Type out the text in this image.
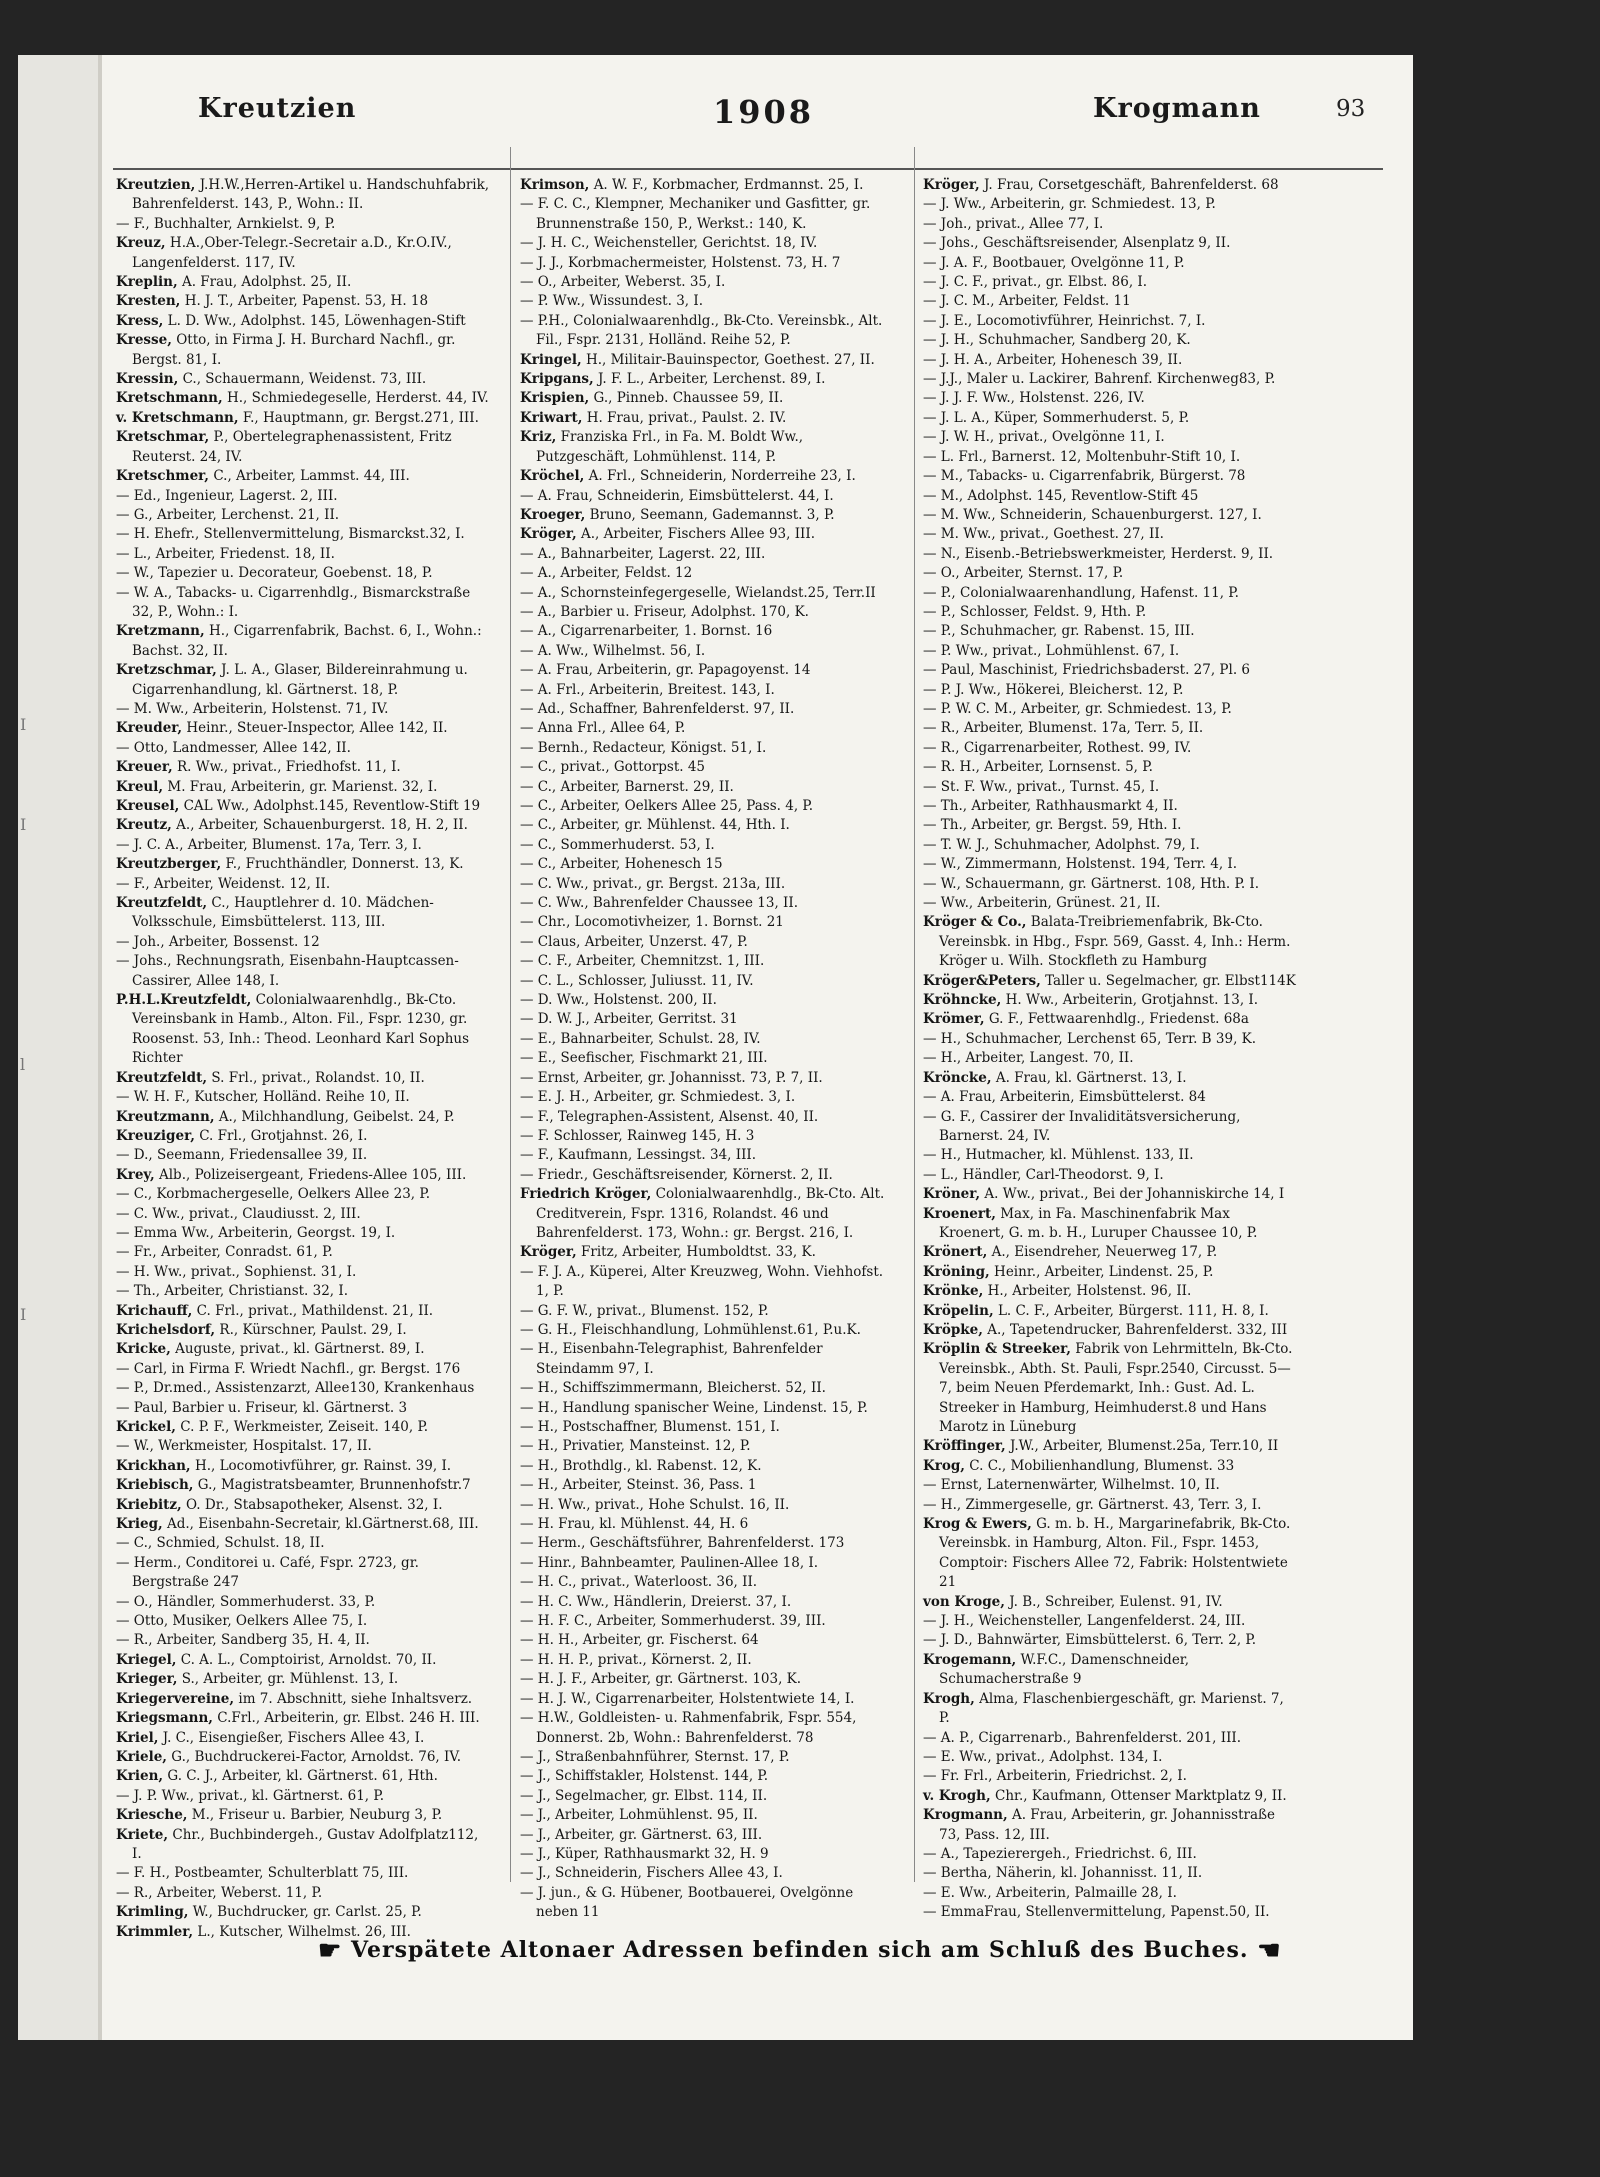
I
I
l
I
Kreutzien	1908	Krogmann	93
Kreutzien, J.H.W.,Herren-Artikel u. Handschuhfabrik, Bahrenfelderst. 143, P., Wohn.: II.
— F., Buchhalter, Arnkielst. 9, P.
Kreuz, H.A.,Ober-Telegr.-Secretair a.D., Kr.O.IV., Langenfelderst. 117, IV.
Kreplin, A. Frau, Adolphst. 25, II.
Kresten, H. J. T., Arbeiter, Papenst. 53, H. 18
Kress, L. D. Ww., Adolphst. 145, Löwenhagen-Stift
Kresse, Otto, in Firma J. H. Burchard Nachfl., gr. Bergst. 81, I.
Kressin, C., Schauermann, Weidenst. 73, III.
Kretschmann, H., Schmiedegeselle, Herderst. 44, IV.
v. Kretschmann, F., Hauptmann, gr. Bergst.271, III.
Kretschmar, P., Obertelegraphenassistent, Fritz Reuterst. 24, IV.
Kretschmer, C., Arbeiter, Lammst. 44, III.
— Ed., Ingenieur, Lagerst. 2, III.
— G., Arbeiter, Lerchenst. 21, II.
— H. Ehefr., Stellenvermittelung, Bismarckst.32, I.
— L., Arbeiter, Friedenst. 18, II.
— W., Tapezier u. Decorateur, Goebenst. 18, P.
— W. A., Tabacks- u. Cigarrenhdlg., Bismarckstraße 32, P., Wohn.: I.
Kretzmann, H., Cigarrenfabrik, Bachst. 6, I., Wohn.: Bachst. 32, II.
Kretzschmar, J. L. A., Glaser, Bildereinrahmung u. Cigarrenhandlung, kl. Gärtnerst. 18, P.
— M. Ww., Arbeiterin, Holstenst. 71, IV.
Kreuder, Heinr., Steuer-Inspector, Allee 142, II.
— Otto, Landmesser, Allee 142, II.
Kreuer, R. Ww., privat., Friedhofst. 11, I.
Kreul, M. Frau, Arbeiterin, gr. Marienst. 32, I.
Kreusel, CAL Ww., Adolphst.145, Reventlow-Stift 19
Kreutz, A., Arbeiter, Schauenburgerst. 18, H. 2, II.
— J. C. A., Arbeiter, Blumenst. 17a, Terr. 3, I.
Kreutzberger, F., Fruchthändler, Donnerst. 13, K.
— F., Arbeiter, Weidenst. 12, II.
Kreutzfeldt, C., Hauptlehrer d. 10. Mädchen-Volksschule, Eimsbüttelerst. 113, III.
— Joh., Arbeiter, Bossenst. 12
— Johs., Rechnungsrath, Eisenbahn-Hauptcassen-Cassirer, Allee 148, I.
P.H.L.Kreutzfeldt, Colonialwaarenhdlg., Bk-Cto. Vereinsbank in Hamb., Alton. Fil., Fspr. 1230, gr. Roosenst. 53, Inh.: Theod. Leonhard Karl Sophus Richter
Kreutzfeldt, S. Frl., privat., Rolandst. 10, II.
— W. H. F., Kutscher, Holländ. Reihe 10, II.
Kreutzmann, A., Milchhandlung, Geibelst. 24, P.
Kreuziger, C. Frl., Grotjahnst. 26, I.
— D., Seemann, Friedensallee 39, II.
Krey, Alb., Polizeisergeant, Friedens-Allee 105, III.
— C., Korbmachergeselle, Oelkers Allee 23, P.
— C. Ww., privat., Claudiusst. 2, III.
— Emma Ww., Arbeiterin, Georgst. 19, I.
— Fr., Arbeiter, Conradst. 61, P.
— H. Ww., privat., Sophienst. 31, I.
— Th., Arbeiter, Christianst. 32, I.
Krichauff, C. Frl., privat., Mathildenst. 21, II.
Krichelsdorf, R., Kürschner, Paulst. 29, I.
Kricke, Auguste, privat., kl. Gärtnerst. 89, I.
— Carl, in Firma F. Wriedt Nachfl., gr. Bergst. 176
— P., Dr.med., Assistenzarzt, Allee130, Krankenhaus
— Paul, Barbier u. Friseur, kl. Gärtnerst. 3
Krickel, C. P. F., Werkmeister, Zeiseit. 140, P.
— W., Werkmeister, Hospitalst. 17, II.
Krickhan, H., Locomotivführer, gr. Rainst. 39, I.
Kriebisch, G., Magistratsbeamter, Brunnenhofstr.7
Kriebitz, O. Dr., Stabsapotheker, Alsenst. 32, I.
Krieg, Ad., Eisenbahn-Secretair, kl.Gärtnerst.68, III.
— C., Schmied, Schulst. 18, II.
— Herm., Conditorei u. Café, Fspr. 2723, gr. Bergstraße 247
— O., Händler, Sommerhuderst. 33, P.
— Otto, Musiker, Oelkers Allee 75, I.
— R., Arbeiter, Sandberg 35, H. 4, II.
Kriegel, C. A. L., Comptoirist, Arnoldst. 70, II.
Krieger, S., Arbeiter, gr. Mühlenst. 13, I.
Kriegervereine, im 7. Abschnitt, siehe Inhaltsverz.
Kriegsmann, C.Frl., Arbeiterin, gr. Elbst. 246 H. III.
Kriel, J. C., Eisengießer, Fischers Allee 43, I.
Kriele, G., Buchdruckerei-Factor, Arnoldst. 76, IV.
Krien, G. C. J., Arbeiter, kl. Gärtnerst. 61, Hth.
— J. P. Ww., privat., kl. Gärtnerst. 61, P.
Kriesche, M., Friseur u. Barbier, Neuburg 3, P.
Kriete, Chr., Buchbindergeh., Gustav Adolfplatz112, I.
— F. H., Postbeamter, Schulterblatt 75, III.
— R., Arbeiter, Weberst. 11, P.
Krimling, W., Buchdrucker, gr. Carlst. 25, P.
Krimmler, L., Kutscher, Wilhelmst. 26, III.
Krimson, A. W. F., Korbmacher, Erdmannst. 25, I.
— F. C. C., Klempner, Mechaniker und Gasfitter, gr. Brunnenstraße 150, P., Werkst.: 140, K.
— J. H. C., Weichensteller, Gerichtst. 18, IV.
— J. J., Korbmachermeister, Holstenst. 73, H. 7
— O., Arbeiter, Weberst. 35, I.
— P. Ww., Wissundest. 3, I.
— P.H., Colonialwaarenhdlg., Bk-Cto. Vereinsbk., Alt. Fil., Fspr. 2131, Holländ. Reihe 52, P.
Kringel, H., Militair-Bauinspector, Goethest. 27, II.
Kripgans, J. F. L., Arbeiter, Lerchenst. 89, I.
Krispien, G., Pinneb. Chaussee 59, II.
Kriwart, H. Frau, privat., Paulst. 2. IV.
Kriz, Franziska Frl., in Fa. M. Boldt Ww., Putzgeschäft, Lohmühlenst. 114, P.
Kröchel, A. Frl., Schneiderin, Norderreihe 23, I.
— A. Frau, Schneiderin, Eimsbüttelerst. 44, I.
Kroeger, Bruno, Seemann, Gademannst. 3, P.
Kröger, A., Arbeiter, Fischers Allee 93, III.
— A., Bahnarbeiter, Lagerst. 22, III.
— A., Arbeiter, Feldst. 12
— A., Schornsteinfegergeselle, Wielandst.25, Terr.II
— A., Barbier u. Friseur, Adolphst. 170, K.
— A., Cigarrenarbeiter, 1. Bornst. 16
— A. Ww., Wilhelmst. 56, I.
— A. Frau, Arbeiterin, gr. Papagoyenst. 14
— A. Frl., Arbeiterin, Breitest. 143, I.
— Ad., Schaffner, Bahrenfelderst. 97, II.
— Anna Frl., Allee 64, P.
— Bernh., Redacteur, Königst. 51, I.
— C., privat., Gottorpst. 45
— C., Arbeiter, Barnerst. 29, II.
— C., Arbeiter, Oelkers Allee 25, Pass. 4, P.
— C., Arbeiter, gr. Mühlenst. 44, Hth. I.
— C., Sommerhuderst. 53, I.
— C., Arbeiter, Hohenesch 15
— C. Ww., privat., gr. Bergst. 213a, III.
— C. Ww., Bahrenfelder Chaussee 13, II.
— Chr., Locomotivheizer, 1. Bornst. 21
— Claus, Arbeiter, Unzerst. 47, P.
— C. F., Arbeiter, Chemnitzst. 1, III.
— C. L., Schlosser, Juliusst. 11, IV.
— D. Ww., Holstenst. 200, II.
— D. W. J., Arbeiter, Gerritst. 31
— E., Bahnarbeiter, Schulst. 28, IV.
— E., Seefischer, Fischmarkt 21, III.
— Ernst, Arbeiter, gr. Johannisst. 73, P. 7, II.
— E. J. H., Arbeiter, gr. Schmiedest. 3, I.
— F., Telegraphen-Assistent, Alsenst. 40, II.
— F. Schlosser, Rainweg 145, H. 3
— F., Kaufmann, Lessingst. 34, III.
— Friedr., Geschäftsreisender, Körnerst. 2, II.
Friedrich Kröger, Colonialwaarenhdlg., Bk-Cto. Alt. Creditverein, Fspr. 1316, Rolandst. 46 und Bahrenfelderst. 173, Wohn.: gr. Bergst. 216, I.
Kröger, Fritz, Arbeiter, Humboldtst. 33, K.
— F. J. A., Küperei, Alter Kreuzweg, Wohn. Viehhofst. 1, P.
— G. F. W., privat., Blumenst. 152, P.
— G. H., Fleischhandlung, Lohmühlenst.61, P.u.K.
— H., Eisenbahn-Telegraphist, Bahrenfelder Steindamm 97, I.
— H., Schiffszimmermann, Bleicherst. 52, II.
— H., Handlung spanischer Weine, Lindenst. 15, P.
— H., Postschaffner, Blumenst. 151, I.
— H., Privatier, Mansteinst. 12, P.
— H., Brothdlg., kl. Rabenst. 12, K.
— H., Arbeiter, Steinst. 36, Pass. 1
— H. Ww., privat., Hohe Schulst. 16, II.
— H. Frau, kl. Mühlenst. 44, H. 6
— Herm., Geschäftsführer, Bahrenfelderst. 173
— Hinr., Bahnbeamter, Paulinen-Allee 18, I.
— H. C., privat., Waterloost. 36, II.
— H. C. Ww., Händlerin, Dreierst. 37, I.
— H. F. C., Arbeiter, Sommerhuderst. 39, III.
— H. H., Arbeiter, gr. Fischerst. 64
— H. H. P., privat., Körnerst. 2, II.
— H. J. F., Arbeiter, gr. Gärtnerst. 103, K.
— H. J. W., Cigarrenarbeiter, Holstentwiete 14, I.
— H.W., Goldleisten- u. Rahmenfabrik, Fspr. 554, Donnerst. 2b, Wohn.: Bahrenfelderst. 78
— J., Straßenbahnführer, Sternst. 17, P.
— J., Schiffstakler, Holstenst. 144, P.
— J., Segelmacher, gr. Elbst. 114, II.
— J., Arbeiter, Lohmühlenst. 95, II.
— J., Arbeiter, gr. Gärtnerst. 63, III.
— J., Küper, Rathhausmarkt 32, H. 9
— J., Schneiderin, Fischers Allee 43, I.
— J. jun., & G. Hübener, Bootbauerei, Ovelgönne neben 11
Kröger, J. Frau, Corsetgeschäft, Bahrenfelderst. 68
— J. Ww., Arbeiterin, gr. Schmiedest. 13, P.
— Joh., privat., Allee 77, I.
— Johs., Geschäftsreisender, Alsenplatz 9, II.
— J. A. F., Bootbauer, Ovelgönne 11, P.
— J. C. F., privat., gr. Elbst. 86, I.
— J. C. M., Arbeiter, Feldst. 11
— J. E., Locomotivführer, Heinrichst. 7, I.
— J. H., Schuhmacher, Sandberg 20, K.
— J. H. A., Arbeiter, Hohenesch 39, II.
— J.J., Maler u. Lackirer, Bahrenf. Kirchenweg83, P.
— J. J. F. Ww., Holstenst. 226, IV.
— J. L. A., Küper, Sommerhuderst. 5, P.
— J. W. H., privat., Ovelgönne 11, I.
— L. Frl., Barnerst. 12, Moltenbuhr-Stift 10, I.
— M., Tabacks- u. Cigarrenfabrik, Bürgerst. 78
— M., Adolphst. 145, Reventlow-Stift 45
— M. Ww., Schneiderin, Schauenburgerst. 127, I.
— M. Ww., privat., Goethest. 27, II.
— N., Eisenb.-Betriebswerkmeister, Herderst. 9, II.
— O., Arbeiter, Sternst. 17, P.
— P., Colonialwaarenhandlung, Hafenst. 11, P.
— P., Schlosser, Feldst. 9, Hth. P.
— P., Schuhmacher, gr. Rabenst. 15, III.
— P. Ww., privat., Lohmühlenst. 67, I.
— Paul, Maschinist, Friedrichsbaderst. 27, Pl. 6
— P. J. Ww., Hökerei, Bleicherst. 12, P.
— P. W. C. M., Arbeiter, gr. Schmiedest. 13, P.
— R., Arbeiter, Blumenst. 17a, Terr. 5, II.
— R., Cigarrenarbeiter, Rothest. 99, IV.
— R. H., Arbeiter, Lornsenst. 5, P.
— St. F. Ww., privat., Turnst. 45, I.
— Th., Arbeiter, Rathhausmarkt 4, II.
— Th., Arbeiter, gr. Bergst. 59, Hth. I.
— T. W. J., Schuhmacher, Adolphst. 79, I.
— W., Zimmermann, Holstenst. 194, Terr. 4, I.
— W., Schauermann, gr. Gärtnerst. 108, Hth. P. I.
— Ww., Arbeiterin, Grünest. 21, II.
Kröger & Co., Balata-Treibriemenfabrik, Bk-Cto. Vereinsbk. in Hbg., Fspr. 569, Gasst. 4, Inh.: Herm. Kröger u. Wilh. Stockfleth zu Hamburg
Kröger&Peters, Taller u. Segelmacher, gr. Elbst114K
Kröhncke, H. Ww., Arbeiterin, Grotjahnst. 13, I.
Krömer, G. F., Fettwaarenhdlg., Friedenst. 68a
— H., Schuhmacher, Lerchenst 65, Terr. B 39, K.
— H., Arbeiter, Langest. 70, II.
Kröncke, A. Frau, kl. Gärtnerst. 13, I.
— A. Frau, Arbeiterin, Eimsbüttelerst. 84
— G. F., Cassirer der Invaliditätsversicherung, Barnerst. 24, IV.
— H., Hutmacher, kl. Mühlenst. 133, II.
— L., Händler, Carl-Theodorst. 9, I.
Kröner, A. Ww., privat., Bei der Johanniskirche 14, I
Kroenert, Max, in Fa. Maschinenfabrik Max Kroenert, G. m. b. H., Luruper Chaussee 10, P.
Krönert, A., Eisendreher, Neuerweg 17, P.
Kröning, Heinr., Arbeiter, Lindenst. 25, P.
Krönke, H., Arbeiter, Holstenst. 96, II.
Kröpelin, L. C. F., Arbeiter, Bürgerst. 111, H. 8, I.
Kröpke, A., Tapetendrucker, Bahrenfelderst. 332, III
Kröplin & Streeker, Fabrik von Lehrmitteln, Bk-Cto. Vereinsbk., Abth. St. Pauli, Fspr.2540, Circusst. 5—7, beim Neuen Pferdemarkt, Inh.: Gust. Ad. L. Streeker in Hamburg, Heimhuderst.8 und Hans Marotz in Lüneburg
Kröffinger, J.W., Arbeiter, Blumenst.25a, Terr.10, II
Krog, C. C., Mobilienhandlung, Blumenst. 33
— Ernst, Laternenwärter, Wilhelmst. 10, II.
— H., Zimmergeselle, gr. Gärtnerst. 43, Terr. 3, I.
Krog & Ewers, G. m. b. H., Margarinefabrik, Bk-Cto. Vereinsbk. in Hamburg, Alton. Fil., Fspr. 1453, Comptoir: Fischers Allee 72, Fabrik: Holstentwiete 21
von Kroge, J. B., Schreiber, Eulenst. 91, IV.
— J. H., Weichensteller, Langenfelderst. 24, III.
— J. D., Bahnwärter, Eimsbüttelerst. 6, Terr. 2, P.
Krogemann, W.F.C., Damenschneider, Schumacherstraße 9
Krogh, Alma, Flaschenbiergeschäft, gr. Marienst. 7, P.
— A. P., Cigarrenarb., Bahrenfelderst. 201, III.
— E. Ww., privat., Adolphst. 134, I.
— Fr. Frl., Arbeiterin, Friedrichst. 2, I.
v. Krogh, Chr., Kaufmann, Ottenser Marktplatz 9, II.
Krogmann, A. Frau, Arbeiterin, gr. Johannisstraße 73, Pass. 12, III.
— A., Tapezierergeh., Friedrichst. 6, III.
— Bertha, Näherin, kl. Johannisst. 11, II.
— E. Ww., Arbeiterin, Palmaille 28, I.
— EmmaFrau, Stellenvermittelung, Papenst.50, II.
☛ Verspätete Altonaer Adressen befinden sich am Schluß des Buches. ☚
